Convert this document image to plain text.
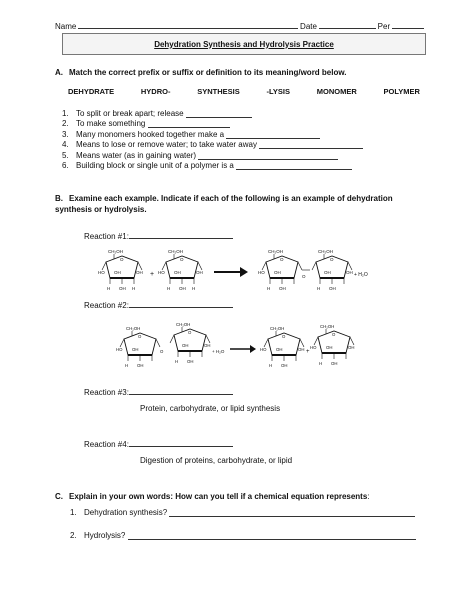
Name	Date	Per
Dehydration Synthesis and Hydrolysis Practice
A. Match the correct prefix or suffix or definition to its meaning/word below.
DEHYDRATE	HYDRO-	SYNTHESIS	-LYSIS	MONOMER	POLYMER
1. To split or break apart; release

2. To make something

3. Many monomers hooked together make a

4. Means to lose or remove water; to take water away

5. Means water (as in gaining water)

6. Building block or single unit of a polymer is a

B. Examine each example. Indicate if each of the following is an example of dehydration synthesis or hydrolysis.
Reaction #1:
CH₂OH
O
HO	OH
OH
H OH H
+
CH₂OH
O
HO	OH
OH
H OH H
CH₂OH
O
HO OH
H OH
O
CH₂OH
O
OH
OH
H OH
+ H₂O
Reaction #2:
CH₂OH
O
HO OH
H OH
O
CH₂OH
O
OH
OH
H OH
+ H₂O
CH₂OH
O
HO	OH
OH
H OH
+
CH₂OH
O
HO	OH
OH
H OH
Reaction #3:
Protein, carbohydrate, or lipid synthesis
Reaction #4:
Digestion of proteins, carbohydrate, or lipid
C. Explain in your own words: How can you tell if a chemical equation represents:
1. Dehydration synthesis?

2. Hydrolysis?
